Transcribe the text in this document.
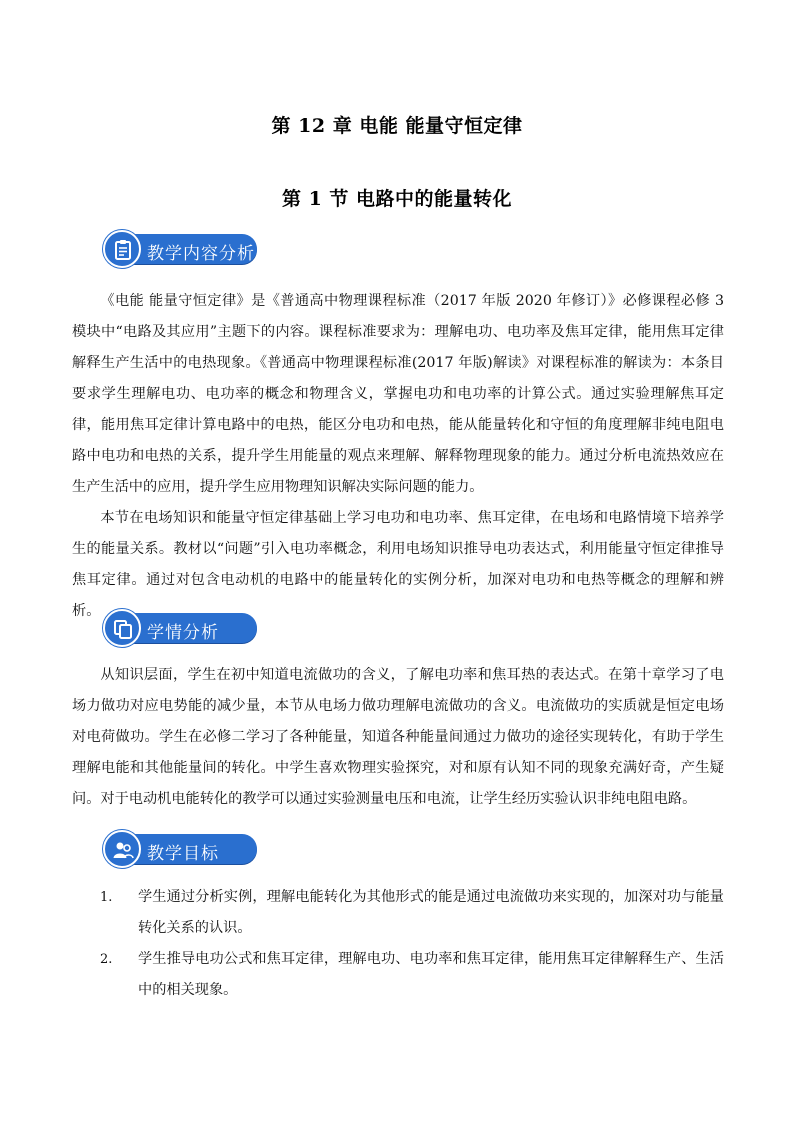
第 12 章 电能 能量守恒定律
第 1 节 电路中的能量转化
教学内容分析

《电能 能量守恒定律》是《普通高中物理课程标准（2017 年版 2020 年修订）》必修课程必修 3 模块中“电路及其应用”主题下的内容。课程标准要求为：理解电功、电功率及焦耳定律，能用焦耳定律解释生产生活中的电热现象。《普通高中物理课程标准(2017 年版)解读》对课程标准的解读为：本条目要求学生理解电功、电功率的概念和物理含义，掌握电功和电功率的计算公式。通过实验理解焦耳定律，能用焦耳定律计算电路中的电热，能区分电功和电热，能从能量转化和守恒的角度理解非纯电阻电路中电功和电热的关系，提升学生用能量的观点来理解、解释物理现象的能力。通过分析电流热效应在生产生活中的应用，提升学生应用物理知识解决实际问题的能力。

本节在电场知识和能量守恒定律基础上学习电功和电功率、焦耳定律，在电场和电路情境下培养学生的能量关系。教材以“问题”引入电功率概念，利用电场知识推导电功表达式，利用能量守恒定律推导焦耳定律。通过对包含电动机的电路中的能量转化的实例分析，加深对电功和电热等概念的理解和辨析。

学情分析

从知识层面，学生在初中知道电流做功的含义，了解电功率和焦耳热的表达式。在第十章学习了电场力做功对应电势能的减少量，本节从电场力做功理解电流做功的含义。电流做功的实质就是恒定电场对电荷做功。学生在必修二学习了各种能量，知道各种能量间通过力做功的途径实现转化，有助于学生理解电能和其他能量间的转化。中学生喜欢物理实验探究，对和原有认知不同的现象充满好奇，产生疑问。对于电动机电能转化的教学可以通过实验测量电压和电流，让学生经历实验认识非纯电阻电路。

教学目标
1. 学生通过分析实例，理解电能转化为其他形式的能是通过电流做功来实现的，加深对功与能量转化关系的认识。
2. 学生推导电功公式和焦耳定律，理解电功、电功率和焦耳定律，能用焦耳定律解释生产、生活中的相关现象。
